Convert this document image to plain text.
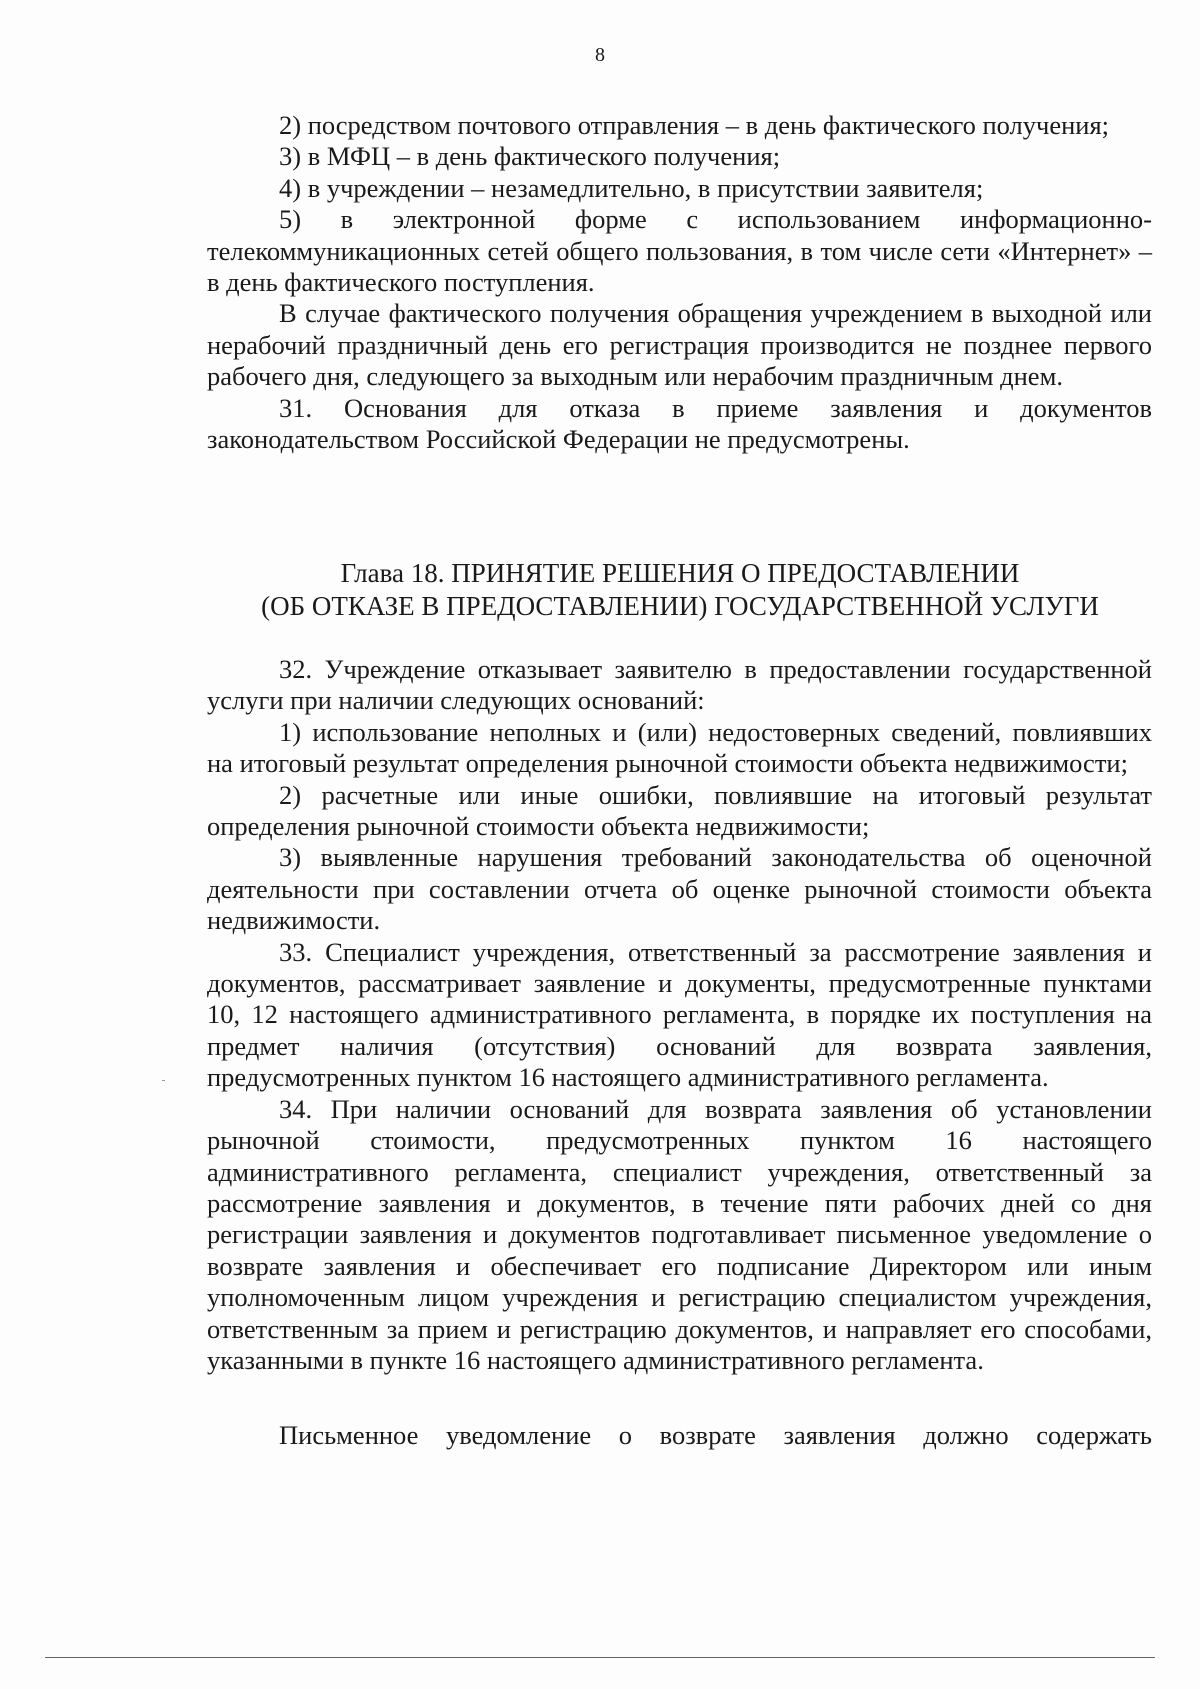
8

2) посредством почтового отправления – в день фактического получения;

3) в МФЦ – в день фактического получения;

4) в учреждении – незамедлительно, в присутствии заявителя;

5) в электронной форме с использованием информационно-телекоммуникационных сетей общего пользования, в том числе сети «Интернет» – в день фактического поступления.

В случае фактического получения обращения учреждением в выходной или нерабочий праздничный день его регистрация производится не позднее первого рабочего дня, следующего за выходным или нерабочим праздничным днем.

31. Основания для отказа в приеме заявления и документов законодательством Российской Федерации не предусмотрены.

Глава 18. ПРИНЯТИЕ РЕШЕНИЯ О ПРЕДОСТАВЛЕНИИ
(ОБ ОТКАЗЕ В ПРЕДОСТАВЛЕНИИ) ГОСУДАРСТВЕННОЙ УСЛУГИ

32. Учреждение отказывает заявителю в предоставлении государственной услуги при наличии следующих оснований:

1) использование неполных и (или) недостоверных сведений, повлиявших на итоговый результат определения рыночной стоимости объекта недвижимости;

2) расчетные или иные ошибки, повлиявшие на итоговый результат определения рыночной стоимости объекта недвижимости;

3) выявленные нарушения требований законодательства об оценочной деятельности при составлении отчета об оценке рыночной стоимости объекта недвижимости.

33. Специалист учреждения, ответственный за рассмотрение заявления и документов, рассматривает заявление и документы, предусмотренные пунктами 10, 12 настоящего административного регламента, в порядке их поступления на предмет наличия (отсутствия) оснований для возврата заявления, предусмотренных пунктом 16 настоящего административного регламента.

34. При наличии оснований для возврата заявления об установлении рыночной стоимости, предусмотренных пунктом 16 настоящего административного регламента, специалист учреждения, ответственный за рассмотрение заявления и документов, в течение пяти рабочих дней со дня регистрации заявления и документов подготавливает письменное уведомление о возврате заявления и обеспечивает его подписание Директором или иным уполномоченным лицом учреждения и регистрацию специалистом учреждения, ответственным за прием и регистрацию документов, и направляет его способами, указанными в пункте 16 настоящего административного регламента.

Письменное уведомление о возврате заявления должно содержать
